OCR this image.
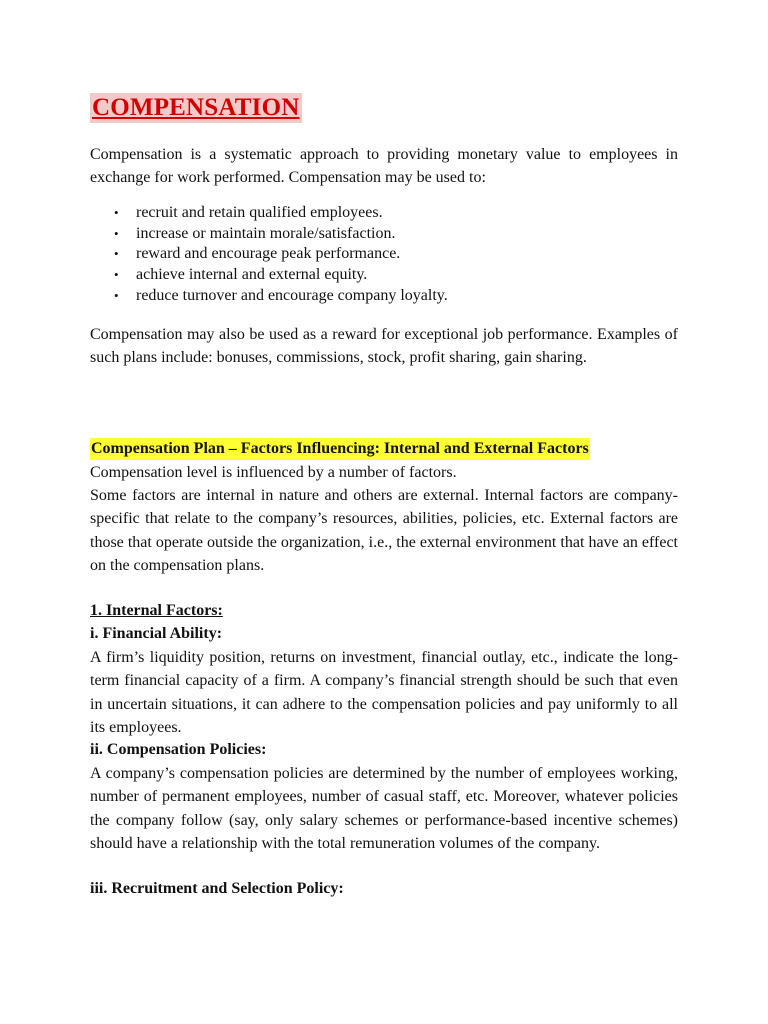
COMPENSATION

Compensation is a systematic approach to providing monetary value to employees in exchange for work performed. Compensation may be used to:

• recruit and retain qualified employees.
• increase or maintain morale/satisfaction.
• reward and encourage peak performance.
• achieve internal and external equity.
• reduce turnover and encourage company loyalty.

Compensation may also be used as a reward for exceptional job performance. Examples of such plans include: bonuses, commissions, stock, profit sharing, gain sharing.

Compensation Plan – Factors Influencing: Internal and External Factors

Compensation level is influenced by a number of factors.

Some factors are internal in nature and others are external. Internal factors are company-specific that relate to the company’s resources, abilities, policies, etc. External factors are those that operate outside the organization, i.e., the external environment that have an effect on the compensation plans.

1. Internal Factors:
i. Financial Ability:

A firm’s liquidity position, returns on investment, financial outlay, etc., indicate the long-term financial capacity of a firm. A company’s financial strength should be such that even in uncertain situations, it can adhere to the compensation policies and pay uniformly to all its employees.

ii. Compensation Policies:

A company’s compensation policies are determined by the number of employees working, number of permanent employees, number of casual staff, etc. Moreover, whatever policies the company follow (say, only salary schemes or performance-based incentive schemes) should have a relationship with the total remuneration volumes of the company.

iii. Recruitment and Selection Policy:
